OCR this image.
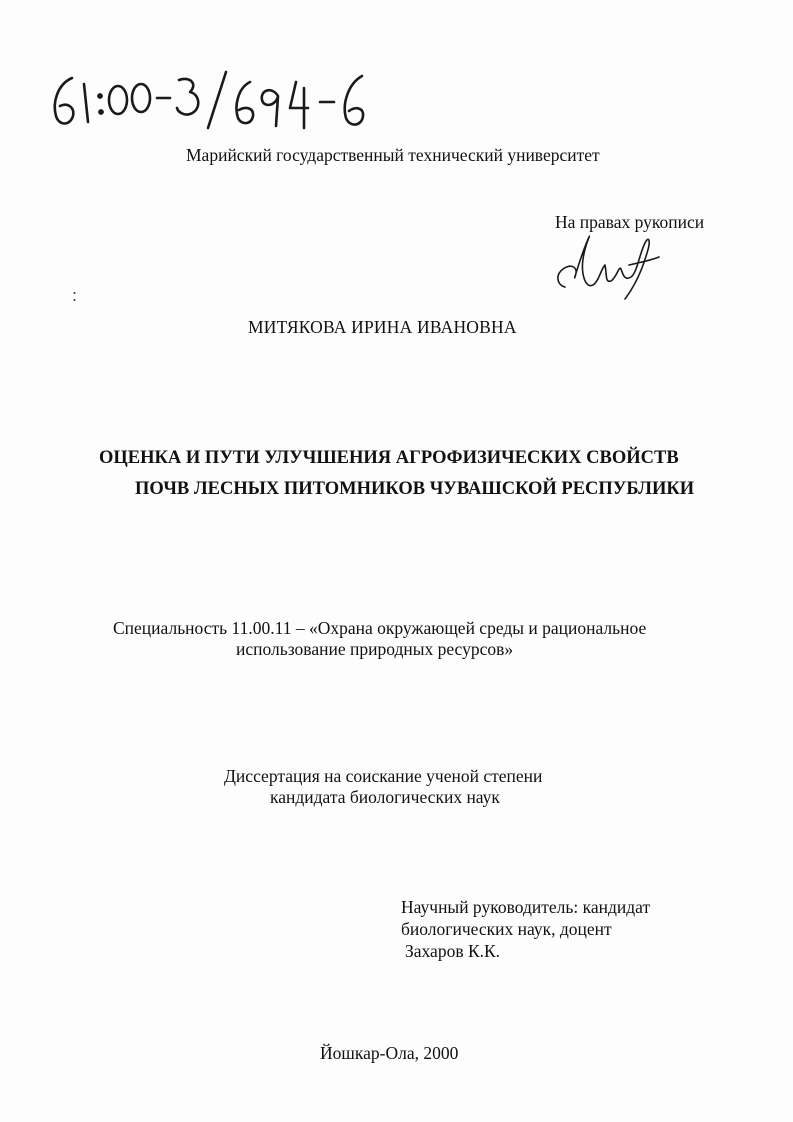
Марийский государственный технический университет
На правах рукописи
МИТЯКОВА ИРИНА ИВАНОВНА
ОЦЕНКА И ПУТИ УЛУЧШЕНИЯ АГРОФИЗИЧЕСКИХ СВОЙСТВ
ПОЧВ ЛЕСНЫХ ПИТОМНИКОВ ЧУВАШСКОЙ РЕСПУБЛИКИ
Специальность 11.00.11 – «Охрана окружающей среды и рациональное
использование природных ресурсов»
Диссертация на соискание ученой степени
кандидата биологических наук
Научный руководитель: кандидат
биологических наук, доцент
Захаров К.К.
Йошкар-Ола, 2000
